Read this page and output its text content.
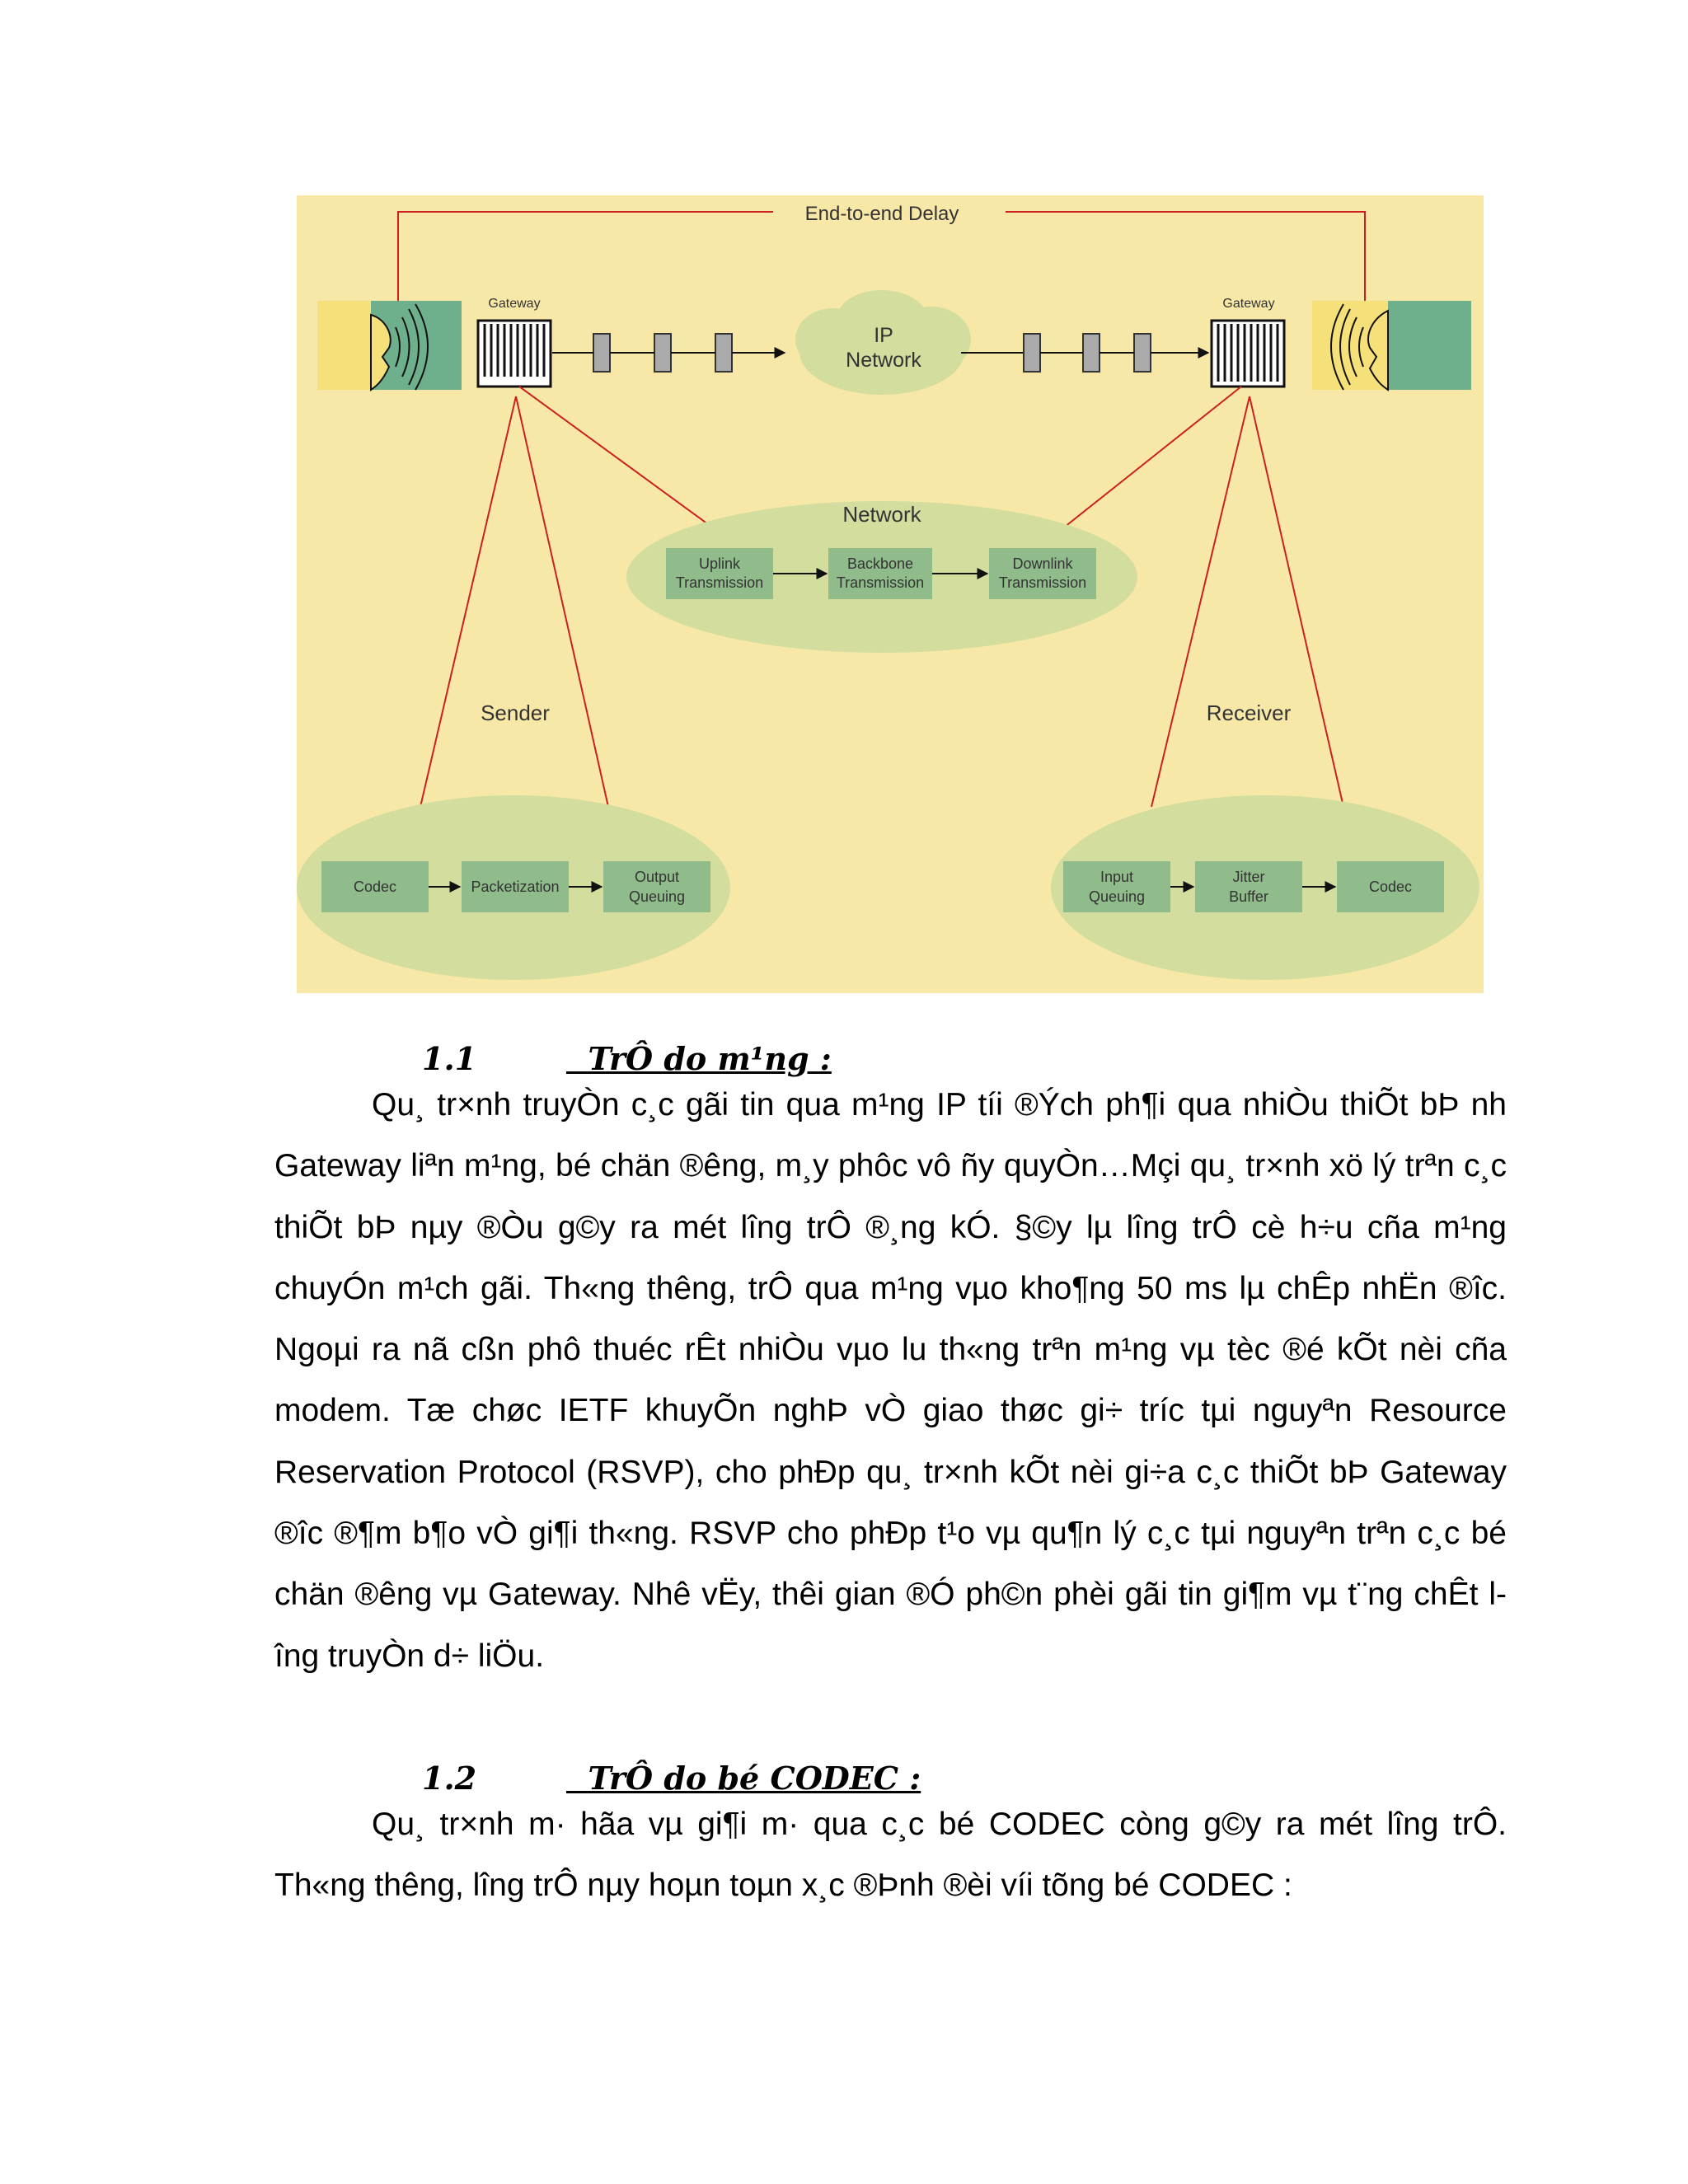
End-to-end Delay
Gateway	Gateway
IP
Network
Network
Uplink
Transmission
Backbone
Transmission
Downlink
Transmission
Sender	Receiver
Codec	Packetization
Output
Queuing
Input
Queuing
Jitter
Buffer
Codec
1.1	TrÔ do m¹ng :
Qu¸ tr×nh truyÒn c¸c gãi tin qua m¹ng IP tíi ®Ých ph¶i qua nhiÒu thiÕt bÞ nh Gateway liªn m¹ng, bé chän ®êng, m¸y phôc vô ñy quyÒn…Mçi qu¸ tr×nh xö lý trªn c¸c thiÕt bÞ nµy ®Òu g©y ra mét lîng trÔ ®¸ng kÓ. §©y lµ lîng trÔ cè h÷u cña m¹ng chuyÓn m¹ch gãi. Th«ng thêng, trÔ qua m¹ng vµo kho¶ng 50 ms lµ chÊp nhËn ®îc. Ngoµi ra nã cßn phô thuéc rÊt nhiÒu vµo lu th«ng trªn m¹ng vµ tèc ®é kÕt nèi cña modem. Tæ chøc IETF khuyÕn nghÞ vÒ giao thøc gi÷ tríc tµi nguyªn Resource Reservation Protocol (RSVP), cho phÐp qu¸ tr×nh kÕt nèi gi÷a c¸c thiÕt bÞ Gateway ®îc ®¶m b¶o vÒ gi¶i th«ng. RSVP cho phÐp t¹o vµ qu¶n lý c¸c tµi nguyªn trªn c¸c bé chän ®êng vµ Gateway. Nhê vËy, thêi gian ®Ó ph©n phèi gãi tin gi¶m vµ t¨ng chÊt lîng truyÒn d÷ liÖu.
1.2	TrÔ do bé CODEC :
Qu¸ tr×nh m· hãa vµ gi¶i m· qua c¸c bé CODEC còng g©y ra mét lîng trÔ. Th«ng thêng, lîng trÔ nµy hoµn toµn x¸c ®Þnh ®èi víi tõng bé CODEC :
